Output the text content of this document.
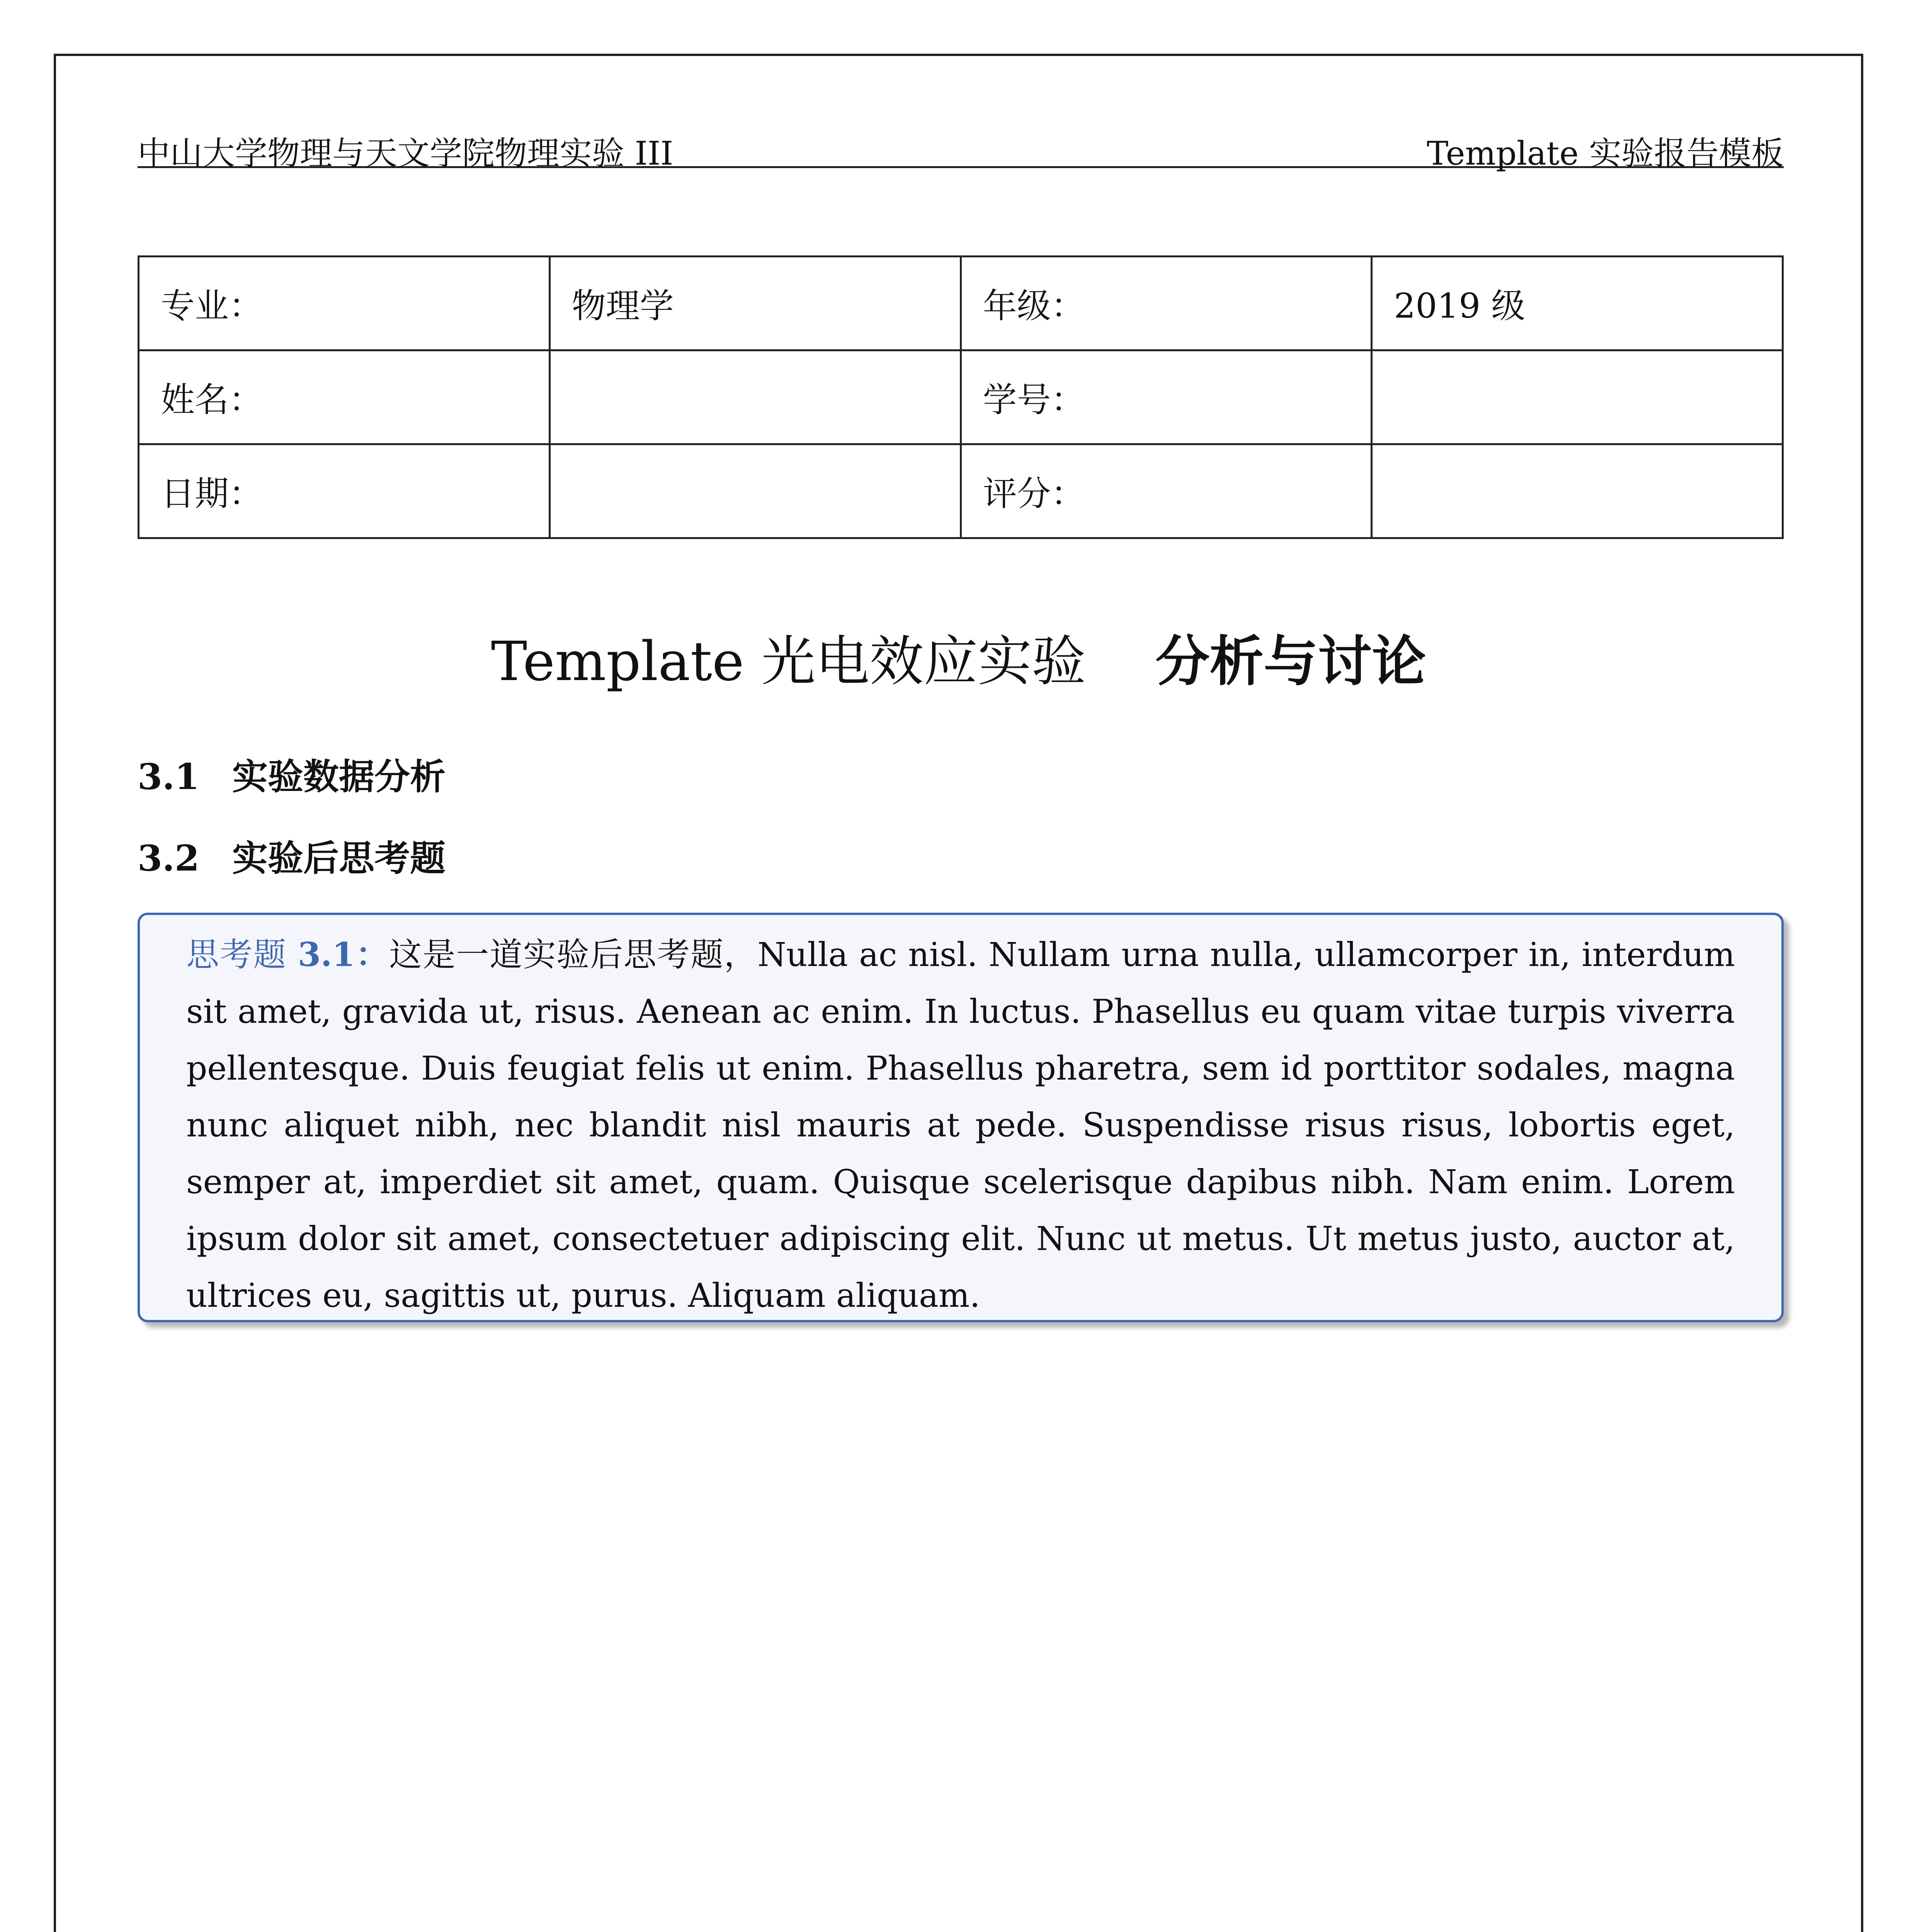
中山大学物理与天文学院物理实验 III	Template 实验报告模板
专业：	物理学	年级：	2019 级
姓名：		学号：	
日期：		评分：	
Template 光电效应实验 分析与讨论
3.1 实验数据分析
3.2 实验后思考题
思考题 3.1：这是一道实验后思考题，Nulla ac nisl. Nullam urna nulla, ullamcorper in, interdum sit amet, gravida ut, risus. Aenean ac enim. In luctus. Phasellus eu quam vitae turpis viverra pellentesque. Duis feugiat felis ut enim. Phasellus pharetra, sem id porttitor sodales, magna nunc aliquet nibh, nec blandit nisl mauris at pede. Suspendisse risus risus, lobortis eget, semper at, imperdiet sit amet, quam. Quisque scelerisque dapibus nibh. Nam enim. Lorem ipsum dolor sit amet, consectetuer adipiscing elit. Nunc ut metus. Ut metus justo, auctor at, ultrices eu, sagittis ut, purus. Aliquam aliquam.
